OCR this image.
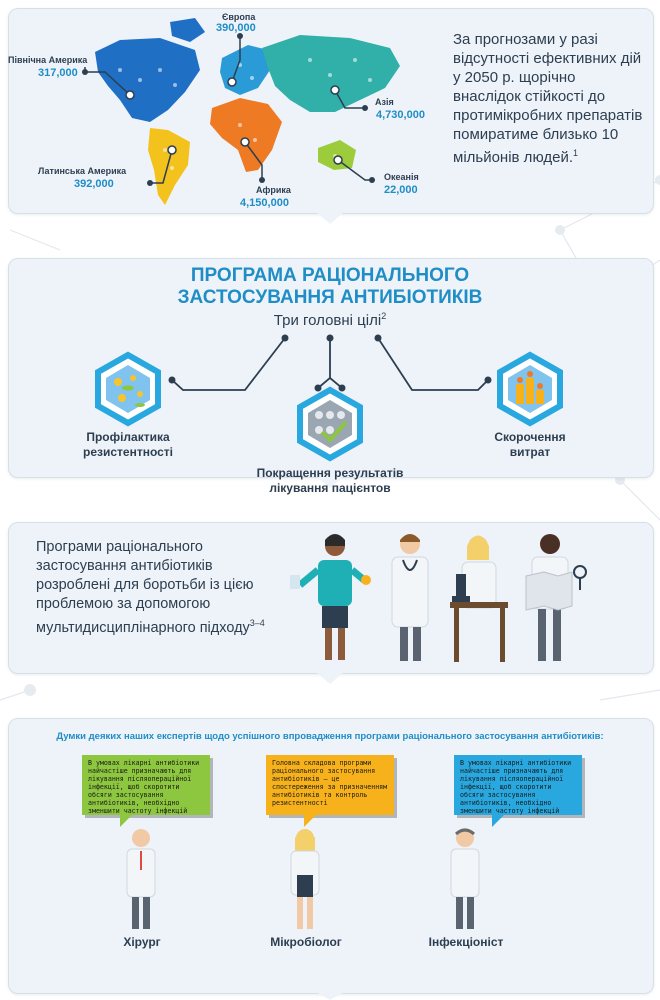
Північна Америка
317,000
Латинська Америка
392,000
Європа
390,000
Африка
4,150,000
Азія
4,730,000
Океанія
22,000
За прогнозами у разі відсутності ефективних дій у 2050 р. щорічно внаслідок стійкості до протимікробних препаратів помиратиме близько 10 мільйонів людей.$^1$
ПРОГРАМА РАЦІОНАЛЬНОГО
ЗАСТОСУВАННЯ АНТИБІОТИКІВ
Три головні цілі$^2$
Профілактика
резистентності
Покращення результатів
лікування пацієнтов
Скорочення
витрат
Програми раціонального застосування антибіотиків розроблені для боротьби із цією проблемою за допомогою мультидисциплінарного підходу$^{3-4}$
Думки деяких наших експертів щодо успішного впровадження програми раціонального застосування антибіотиків:
В умовах лікарні антибіотики найчастіше призначають для лікування післяопераційної інфекції, щоб скоротити обсяги застосування антибіотиків, необхідно зменшити частоту інфекцій
Головна складова програми раціонального застосування антибіотиків – це спостереження за призначенням антибіотиків та контроль резистентності
В умовах лікарні антибіотики найчастіше призначають для лікування післяопераційної інфекції, щоб скоротити обсяги застосування антибіотиків, необхідно зменшити частоту інфекцій
Хірург	Мікробіолог	Інфекціоніст
